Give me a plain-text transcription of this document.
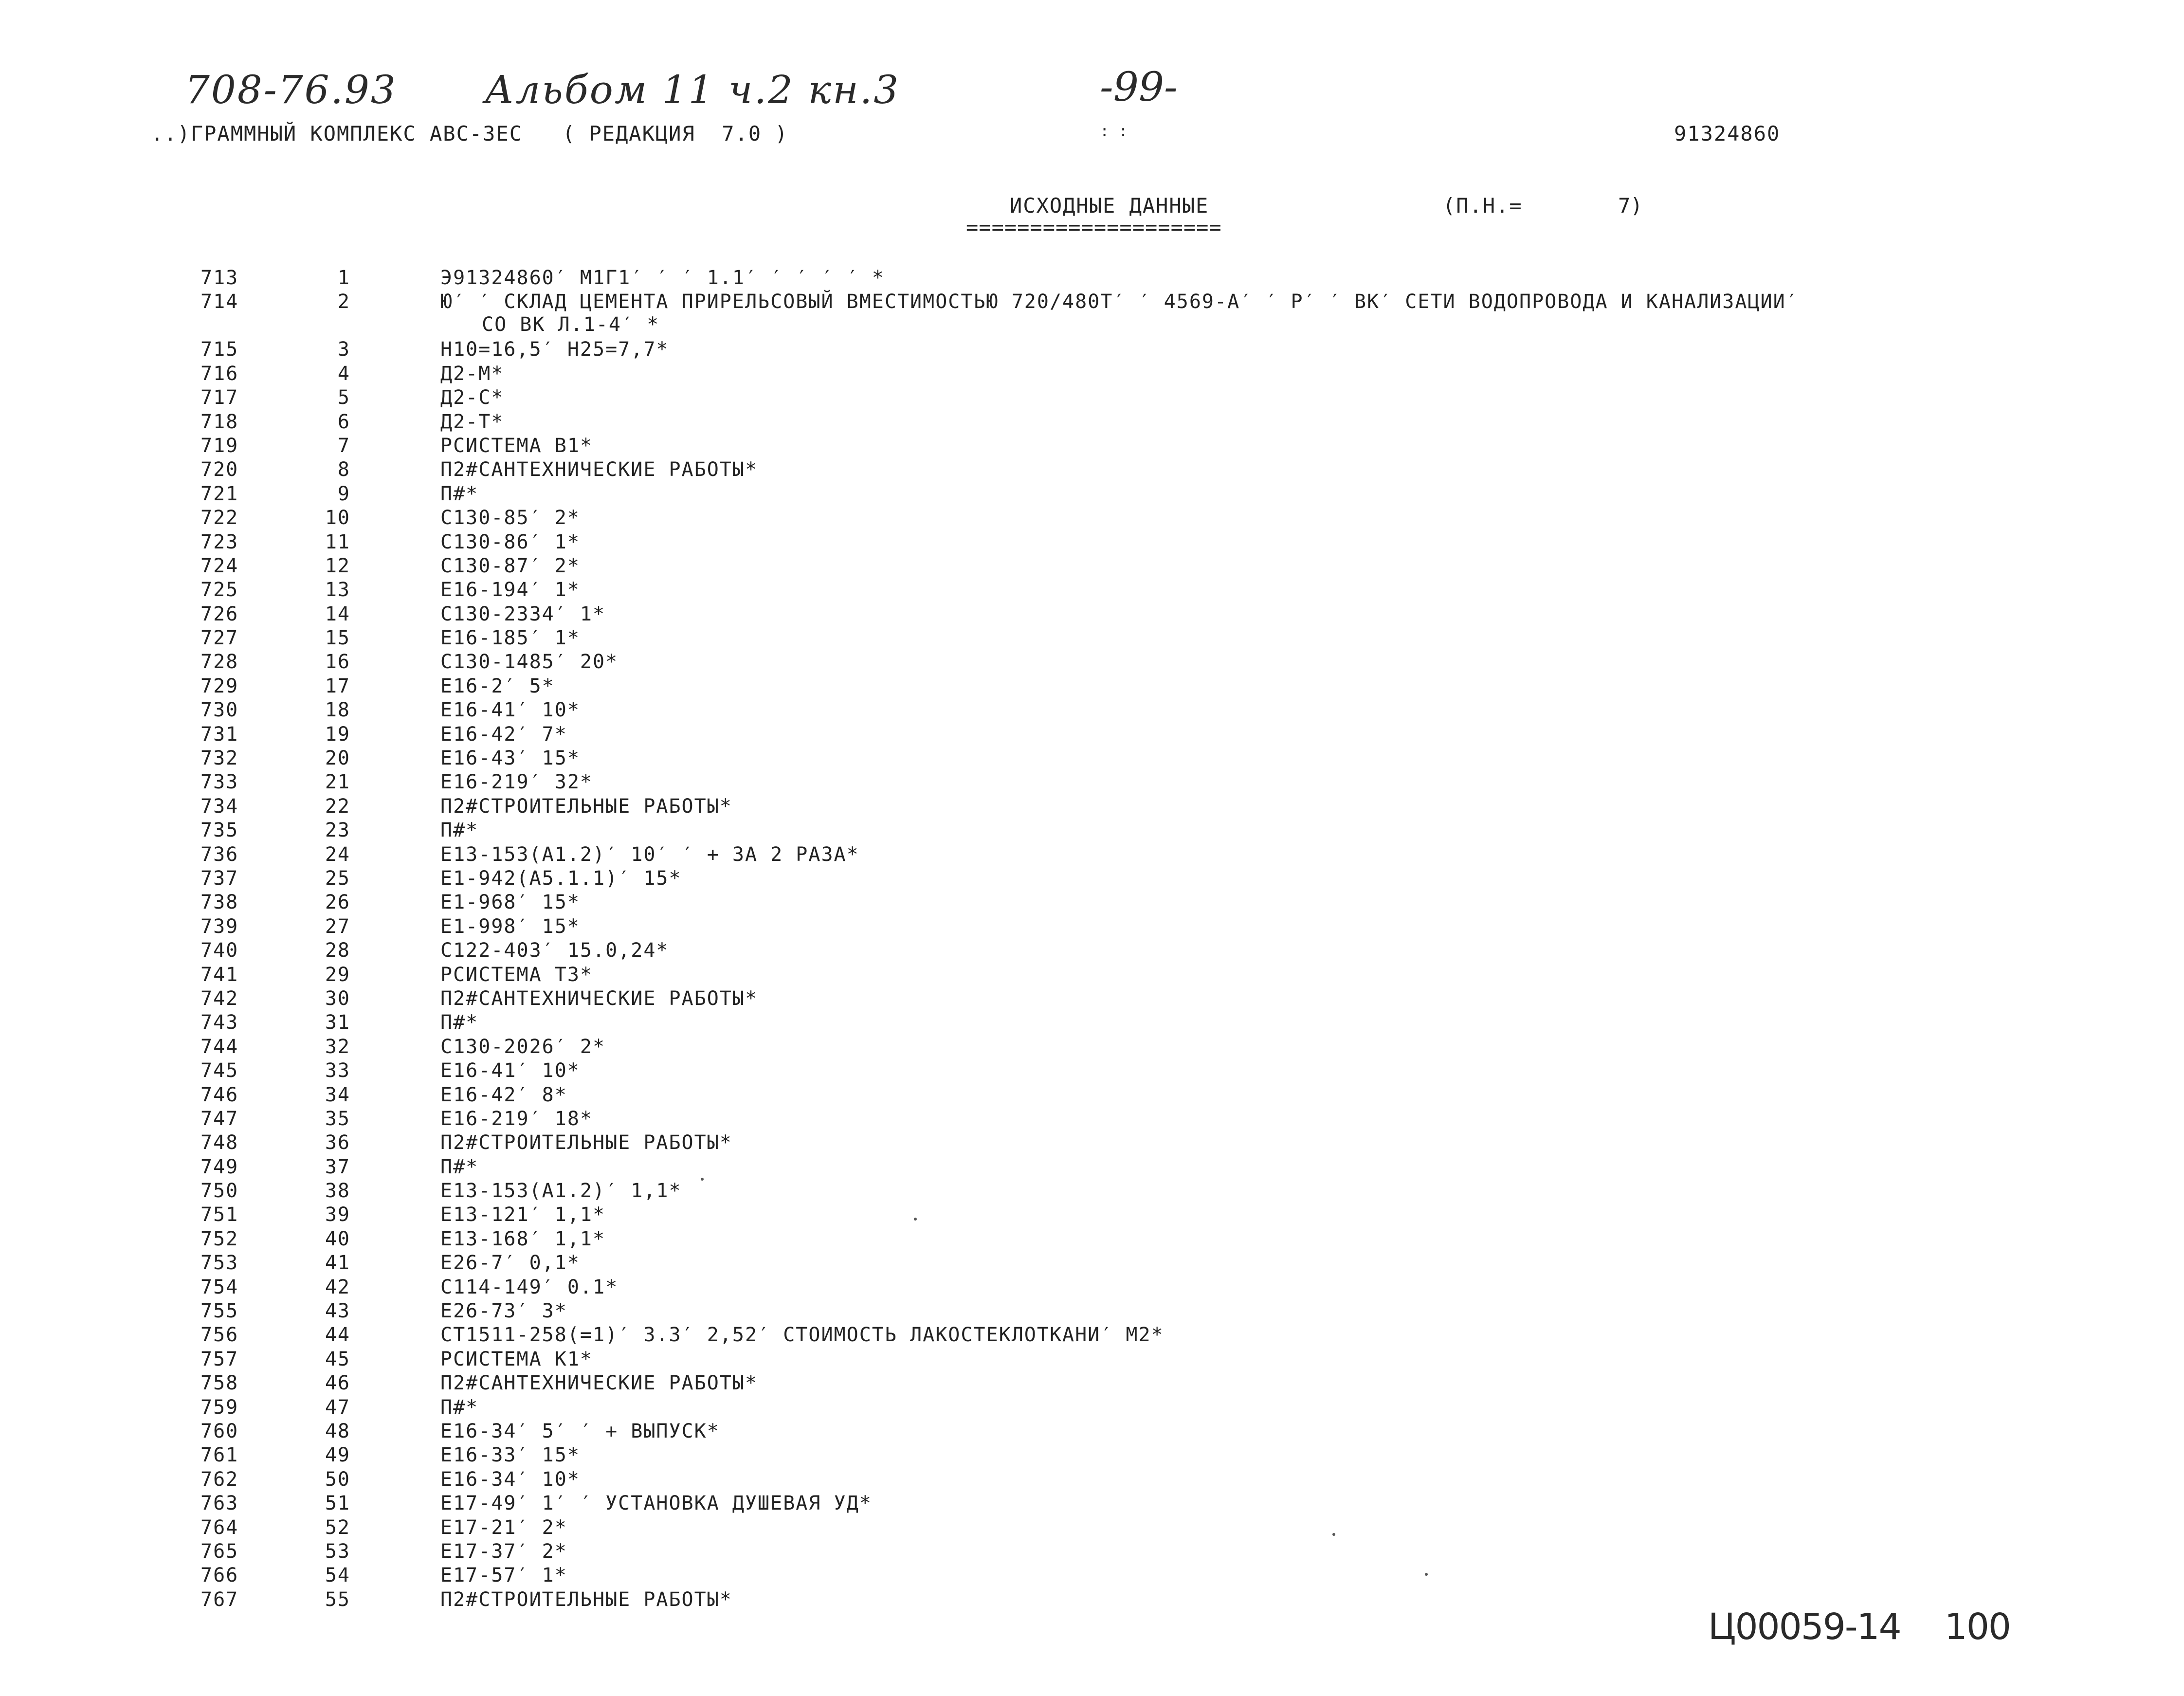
708-76.93 Альбом 11 ч.2 кн.3	-99-
Ц00059-14 100
..)ГРАММНЫЙ КОМПЛЕКС АВС-3ЕС   ( РЕДАКЦИЯ  7.0 )	: :	91324860
ИСХОДНЫЕ ДАННЫЕ	(П.Н.=	7)
====================
713	1	Э91324860′ М1Г1′ ′ ′ 1.1′ ′ ′ ′ ′ *
714	2	Ю′ ′ СКЛАД ЦЕМЕНТА ПРИРЕЛЬСОВЫЙ ВМЕСТИМОСТЬЮ 720/480Т′ ′ 4569-А′ ′ Р′ ′ ВК′ СЕТИ ВОДОПРОВОДА И КАНАЛИЗАЦИИ′
СО ВК Л.1-4′ *
715	3	Н10=16,5′ Н25=7,7*
716	4	Д2-М*
717	5	Д2-С*
718	6	Д2-Т*
719	7	РСИСТЕМА В1*
720	8	П2#САНТЕХНИЧЕСКИЕ РАБОТЫ*
721	9	П#*
722	10	С130-85′ 2*
723	11	С130-86′ 1*
724	12	С130-87′ 2*
725	13	Е16-194′ 1*
726	14	С130-2334′ 1*
727	15	Е16-185′ 1*
728	16	С130-1485′ 20*
729	17	Е16-2′ 5*
730	18	Е16-41′ 10*
731	19	Е16-42′ 7*
732	20	Е16-43′ 15*
733	21	Е16-219′ 32*
734	22	П2#СТРОИТЕЛЬНЫЕ РАБОТЫ*
735	23	П#*
736	24	Е13-153(А1.2)′ 10′ ′ + ЗА 2 РАЗА*
737	25	Е1-942(А5.1.1)′ 15*
738	26	Е1-968′ 15*
739	27	Е1-998′ 15*
740	28	С122-403′ 15.0,24*
741	29	РСИСТЕМА Т3*
742	30	П2#САНТЕХНИЧЕСКИЕ РАБОТЫ*
743	31	П#*
744	32	С130-2026′ 2*
745	33	Е16-41′ 10*
746	34	Е16-42′ 8*
747	35	Е16-219′ 18*
748	36	П2#СТРОИТЕЛЬНЫЕ РАБОТЫ*
749	37	П#*
750	38	Е13-153(А1.2)′ 1,1*
751	39	Е13-121′ 1,1*
752	40	Е13-168′ 1,1*
753	41	Е26-7′ 0,1*
754	42	С114-149′ 0.1*
755	43	Е26-73′ 3*
756	44	СТ1511-258(=1)′ 3.3′ 2,52′ СТОИМОСТЬ ЛАКОСТЕКЛОТКАНИ′ М2*
757	45	РСИСТЕМА К1*
758	46	П2#САНТЕХНИЧЕСКИЕ РАБОТЫ*
759	47	П#*
760	48	Е16-34′ 5′ ′ + ВЫПУСК*
761	49	Е16-33′ 15*
762	50	Е16-34′ 10*
763	51	Е17-49′ 1′ ′ УСТАНОВКА ДУШЕВАЯ УД*
764	52	Е17-21′ 2*
765	53	Е17-37′ 2*
766	54	Е17-57′ 1*
767	55	П2#СТРОИТЕЛЬНЫЕ РАБОТЫ*
